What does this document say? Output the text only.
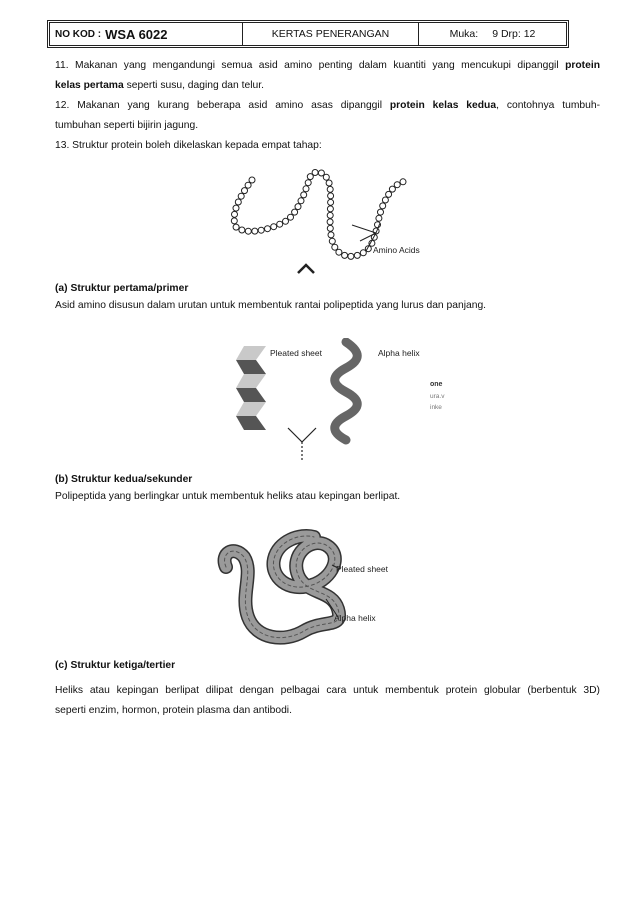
NO KOD : WSA 6022	KERTAS PENERANGAN	Muka: 9 Drp: 12
11. Makanan yang mengandungi semua asid amino penting dalam kuantiti yang mencukupi dipanggil protein
kelas pertama seperti susu, daging dan telur.
12. Makanan yang kurang beberapa asid amino asas dipanggil protein kelas kedua, contohnya tumbuh-
tumbuhan seperti bijirin jagung.
13. Struktur protein boleh dikelaskan kepada empat tahap:
Amino Acids
(a) Struktur pertama/primer
Asid amino disusun dalam urutan untuk membentuk rantai polipeptida yang lurus dan panjang.
Pleated sheet	Alpha helix
one
ura.v
inke
(b) Struktur kedua/sekunder
Polipeptida yang berlingkar untuk membentuk heliks atau kepingan berlipat.
Pleated sheet
Alpha helix
(c) Struktur ketiga/tertier
Heliks atau kepingan berlipat dilipat dengan pelbagai cara untuk membentuk protein globular (berbentuk 3D)
seperti enzim, hormon, protein plasma dan antibodi.
